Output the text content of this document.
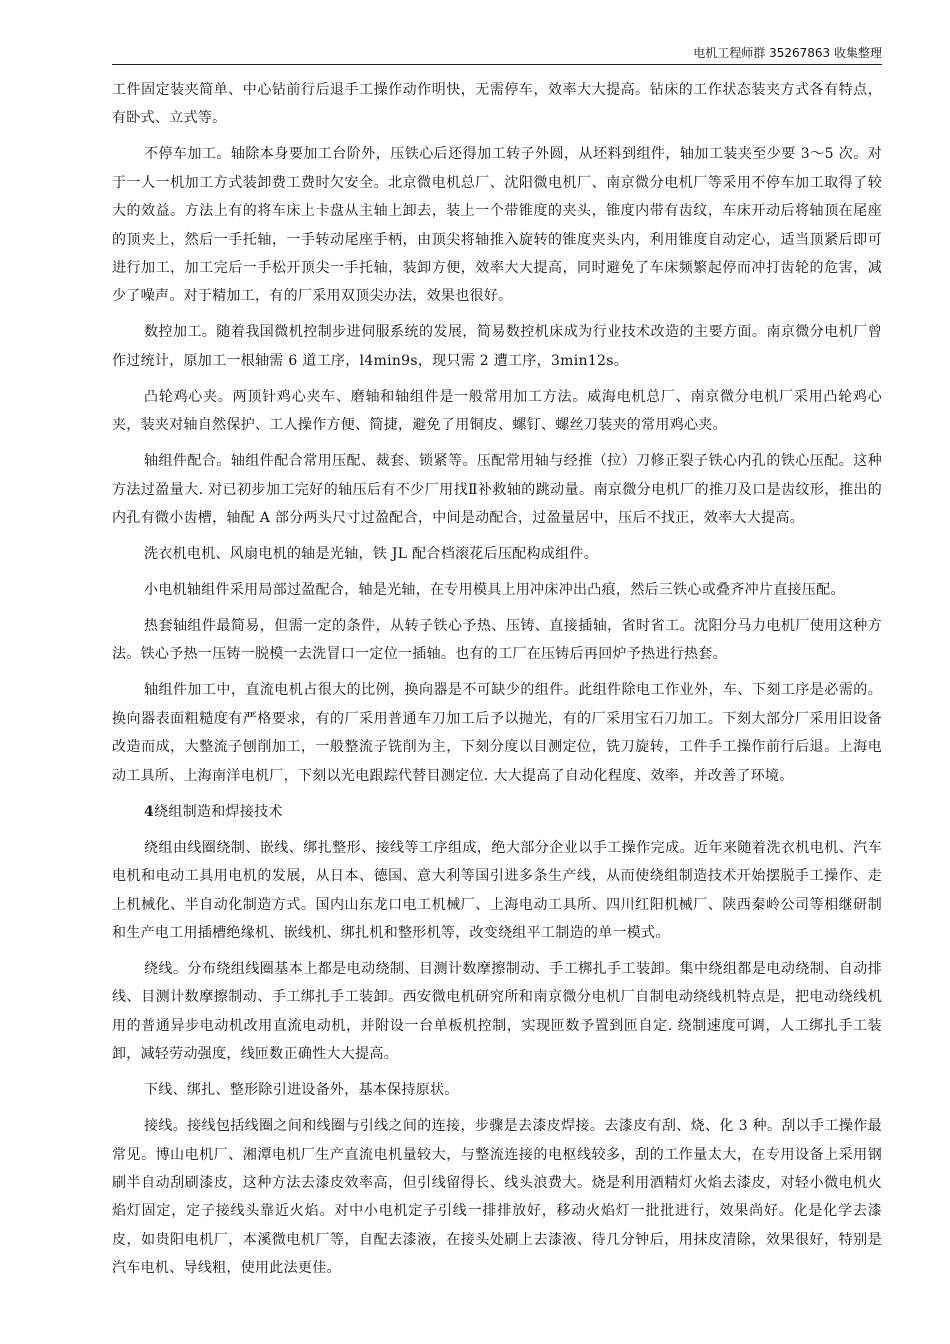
电机工程师群 35267863 收集整理

工件固定装夹简单、中心钻前行后退手工操作动作明快，无需停车，效率大大提高。钻床的工作状态装夹方式各有特点，有卧式、立式等。

不停车加工。轴除本身要加工台阶外，压铁心后还得加工转子外圆，从坯料到组件，轴加工装夹至少要 3～5 次。对于一人一机加工方式装卸费工费时欠安全。北京微电机总厂、沈阳微电机厂、南京微分电机厂等采用不停车加工取得了较大的效益。方法上有的将车床上卡盘从主轴上卸去，装上一个带锥度的夹头，锥度内带有齿纹，车床开动后将轴顶在尾座的顶夹上，然后一手托轴，一手转动尾座手柄，由顶尖将轴推入旋转的锥度夹头内，利用锥度自动定心，适当顶紧后即可进行加工，加工完后一手松开顶尖一手托轴，装卸方便，效率大大提高，同时避免了车床频繁起停而冲打齿轮的危害，减少了噪声。对于精加工，有的厂采用双顶尖办法，效果也很好。

数控加工。随着我国微机控制步进伺服系统的发展，简易数控机床成为行业技术改造的主要方面。南京微分电机厂曾作过统计，原加工一根轴需 6 道工序，l4min9s，现只需 2 遭工序，3min12s。

凸轮鸡心夹。两顶针鸡心夹车、磨轴和轴组件是一般常用加工方法。威海电机总厂、南京微分电机厂采用凸轮鸡心夹，装夹对轴自然保护、工人操作方便、简捷，避免了用铜皮、螺钉、螺丝刀装夹的常用鸡心夹。

轴组件配合。轴组件配合常用压配、裁套、锁紧等。压配常用轴与经推（拉）刀修正裂子铁心内孔的铁心压配。这种方法过盈量大. 对已初步加工完好的轴压后有不少厂用找Ⅱ补救轴的跳动量。南京微分电机厂的推刀及口是齿纹形，推出的内孔有微小齿槽，轴配 A 部分两头尺寸过盈配合，中间是动配合，过盈量居中，压后不找正，效率大大提高。

洗衣机电机、风扇电机的轴是光轴，铁 JL 配合档滚花后压配构成组件。

小电机轴组件采用局部过盈配合，轴是光轴，在专用模具上用冲床冲出凸痕，然后三铁心或叠齐冲片直接压配。

热套轴组件最简易，但需一定的条件，从转子铁心予热、压铸、直接插轴，省时省工。沈阳分马力电机厂使用这种方法。铁心予热一压铸一脱模一去洗冒口一定位一插轴。也有的工厂在压铸后再回炉予热进行热套。

轴组件加工中，直流电机占很大的比例，换向器是不可缺少的组件。此组件除电工作业外，车、下刻工序是必需的。换向器表面粗糙度有严格要求，有的厂采用普通车刀加工后予以抛光，有的厂采用宝石刀加工。下刻大部分厂采用旧设备改造而成，大整流子刨削加工，一般整流子铣削为主，下刻分度以目测定位，铣刀旋转，工件手工操作前行后退。上海电动工具所、上海南洋电机厂，下刻以光电跟踪代替目测定位. 大大提高了自动化程度、效率，并改善了环境。

4绕组制造和焊接技术

绕组由线圈绕制、嵌线、绑扎整形、接线等工序组成，绝大部分企业以手工操作完成。近年来随着洗衣机电机、汽车电机和电动工具用电机的发展，从日本、德国、意大利等国引进多条生产线，从而使绕组制造技术开始摆脱手工操作、走上机械化、半自动化制造方式。国内山东龙口电工机械厂、上海电动工具所、四川红阳机械厂、陕西秦岭公司等相继研制和生产电工用插槽绝缘机、嵌线机、绑扎机和整形机等，改变绕组平工制造的单一模式。

绕线。分布绕组线圈基本上都是电动绕制、目测计数摩擦制动、手工梆扎手工装卸。集中绕组都是电动绕制、自动排线、目测计数摩擦制动、手工绑扎手工装卸。西安微电机研究所和南京微分电机厂自制电动绕线机特点是，把电动绕线机用的普通异步电动机改用直流电动机，并附设一台单板机控制，实现匝数予置到匝自定. 绕制速度可调，人工绑扎手工装卸，减轻劳动强度，线匝数正确性大大提高。

下线、绑扎、整形除引进设备外，基本保持原状。

接线。接线包括线圈之间和线圈与引线之间的连接，步骤是去漆皮焊接。去漆皮有刮、烧、化 3 种。刮以手工操作最常见。博山电机厂、湘潭电机厂生产直流电机量较大，与整流连接的电枢线较多，刮的工作量太大，在专用设备上采用钢刷半自动刮刷漆皮，这种方法去漆皮效率高，但引线留得长、线头浪费大。烧是利用酒精灯火焰去漆皮，对轻小微电机火焰灯固定，定子接线头靠近火焰。对中小电机定子引线一排排放好，移动火焰灯一批批进行，效果尚好。化是化学去漆皮，如贵阳电机厂，本溪微电机厂等，自配去漆液，在接头处刷上去漆液、待几分钟后，用抹皮清除，效果很好，特别是汽车电机、导线粗，使用此法更佳。
